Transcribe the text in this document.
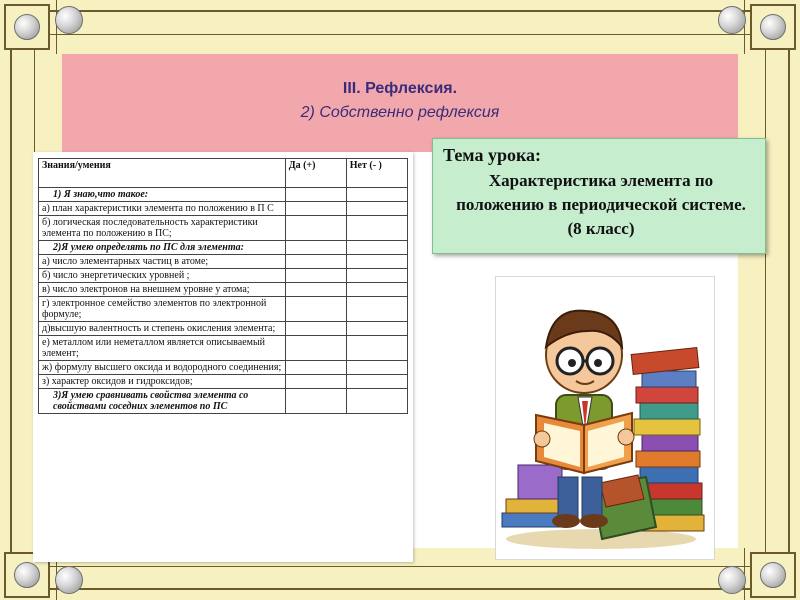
III. Рефлексия.
2) Собственно рефлексия
Знания/умения	Да (+)	Нет (- )
1) Я знаю,что такое:		
а) план характеристики элемента по положению в П С		
б) логическая последовательность характеристики элемента по положению в ПС;		
2)Я умею определять по ПС для элемента:		
а) число элементарных частиц в атоме;		
б) число энергетических уровней ;		
в) число электронов на внешнем уровне у атома;		
г) электронное семейство элементов по электронной формуле;		
д)высшую валентность и степень окисления элемента;		
е) металлом или неметаллом является описываемый элемент;		
ж) формулу высшего оксида и водородного соединения;		
з) характер оксидов и гидроксидов;		
3)Я умею сравнивать свойства элемента со свойствами соседних элементов по ПС		
Тема урока:
Характеристика элемента по положению в периодической системе.(8 класс)
